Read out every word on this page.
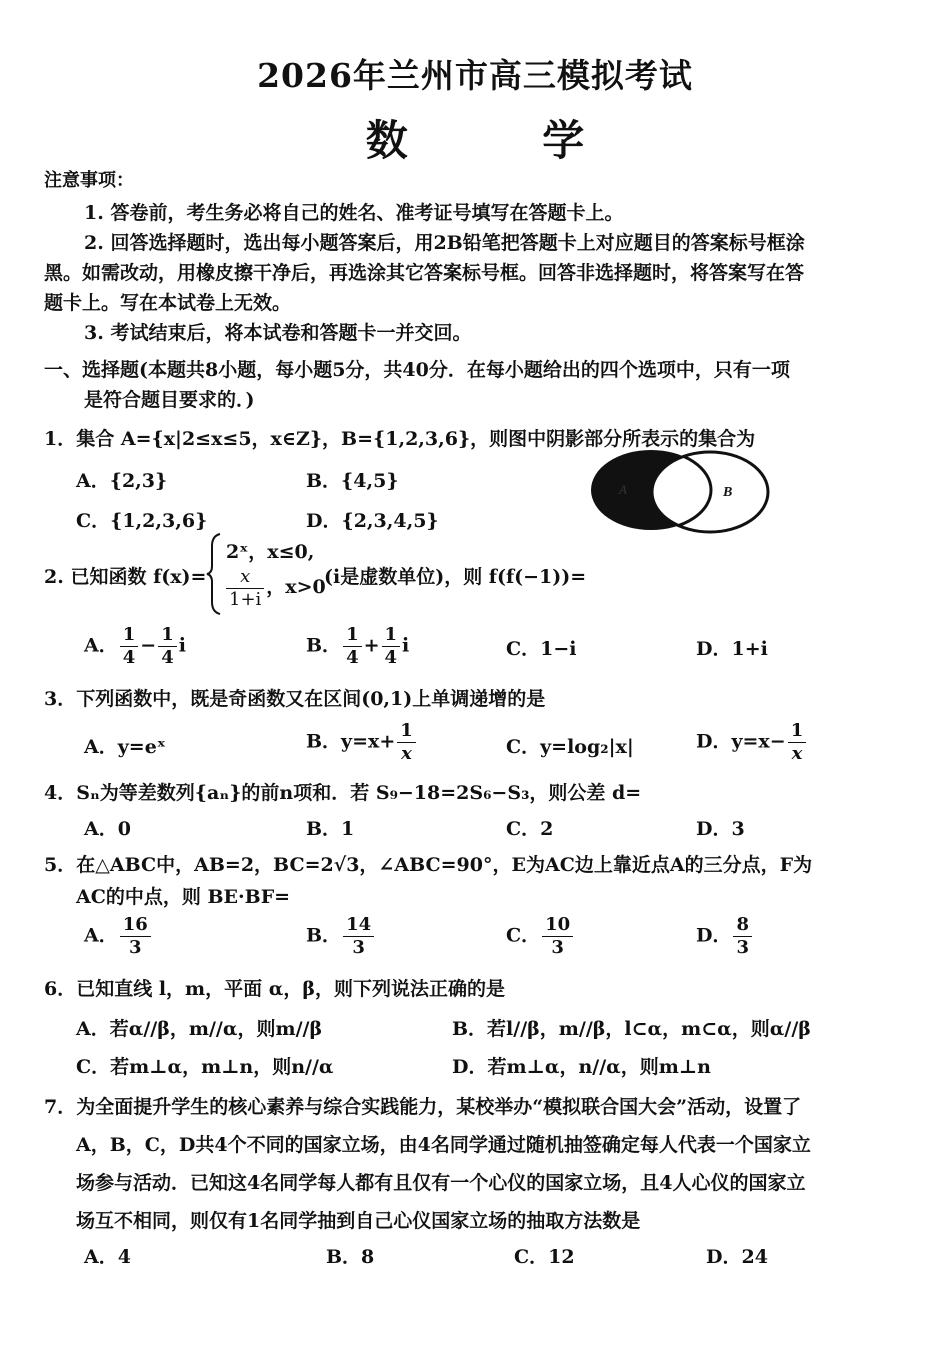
2026年兰州市高三模拟考试
数 学
注意事项：
1. 答卷前，考生务必将自己的姓名、准考证号填写在答题卡上。
2. 回答选择题时，选出每小题答案后，用2B铅笔把答题卡上对应题目的答案标号框涂
黑。如需改动，用橡皮擦干净后，再选涂其它答案标号框。回答非选择题时，将答案写在答
题卡上。写在本试卷上无效。
3. 考试结束后，将本试卷和答题卡一并交回。
一、选择题(本题共8小题，每小题5分，共40分．在每小题给出的四个选项中，只有一项
是符合题目要求的．)
1．集合 A={x|2≤x≤5，x∈Z}，B={1,2,3,6}，则图中阴影部分所表示的集合为
A．{2,3}	B．{4,5}
C．{1,2,3,6}	D．{2,3,4,5}
A	B
2. 已知函数 f(x)=
2ˣ，x≤0,
$\frac{x}{1+i}$ ，x>0
(i是虚数单位)，则 f(f(−1))=
A． $\frac{1}{4} - \frac{1}{4}$ i	B． $\frac{1}{4} + \frac{1}{4}$ i	C．1−i	D．1+i
3．下列函数中，既是奇函数又在区间(0,1)上单调递增的是
A．y=eˣ	B．$y=x+ \frac{1}{x}$	C．y=log₂|x|	D．$y=x- \frac{1}{x}$
4．Sₙ为等差数列{aₙ}的前n项和．若 S₉−18=2S₆−S₃，则公差 d=
A．0	B．1	C．2	D．3
5．在△ABC中，AB=2，BC=2√3，∠ABC=90°，E为AC边上靠近点A的三分点，F为
AC的中点，则 BE·BF=
A． $\frac{16}{3}$	B． $\frac{14}{3}$	C． $\frac{10}{3}$	D． $\frac{8}{3}$
6．已知直线 l，m，平面 α，β，则下列说法正确的是
A．若α//β，m//α，则m//β	B．若l//β，m//β，l⊂α，m⊂α，则α//β
C．若m⊥α，m⊥n，则n//α	D．若m⊥α，n//α，则m⊥n
7．为全面提升学生的核心素养与综合实践能力，某校举办“模拟联合国大会”活动，设置了
A，B，C，D共4个不同的国家立场，由4名同学通过随机抽签确定每人代表一个国家立
场参与活动．已知这4名同学每人都有且仅有一个心仪的国家立场，且4人心仪的国家立
场互不相同，则仅有1名同学抽到自己心仪国家立场的抽取方法数是
A．4	B．8	C．12	D．24
